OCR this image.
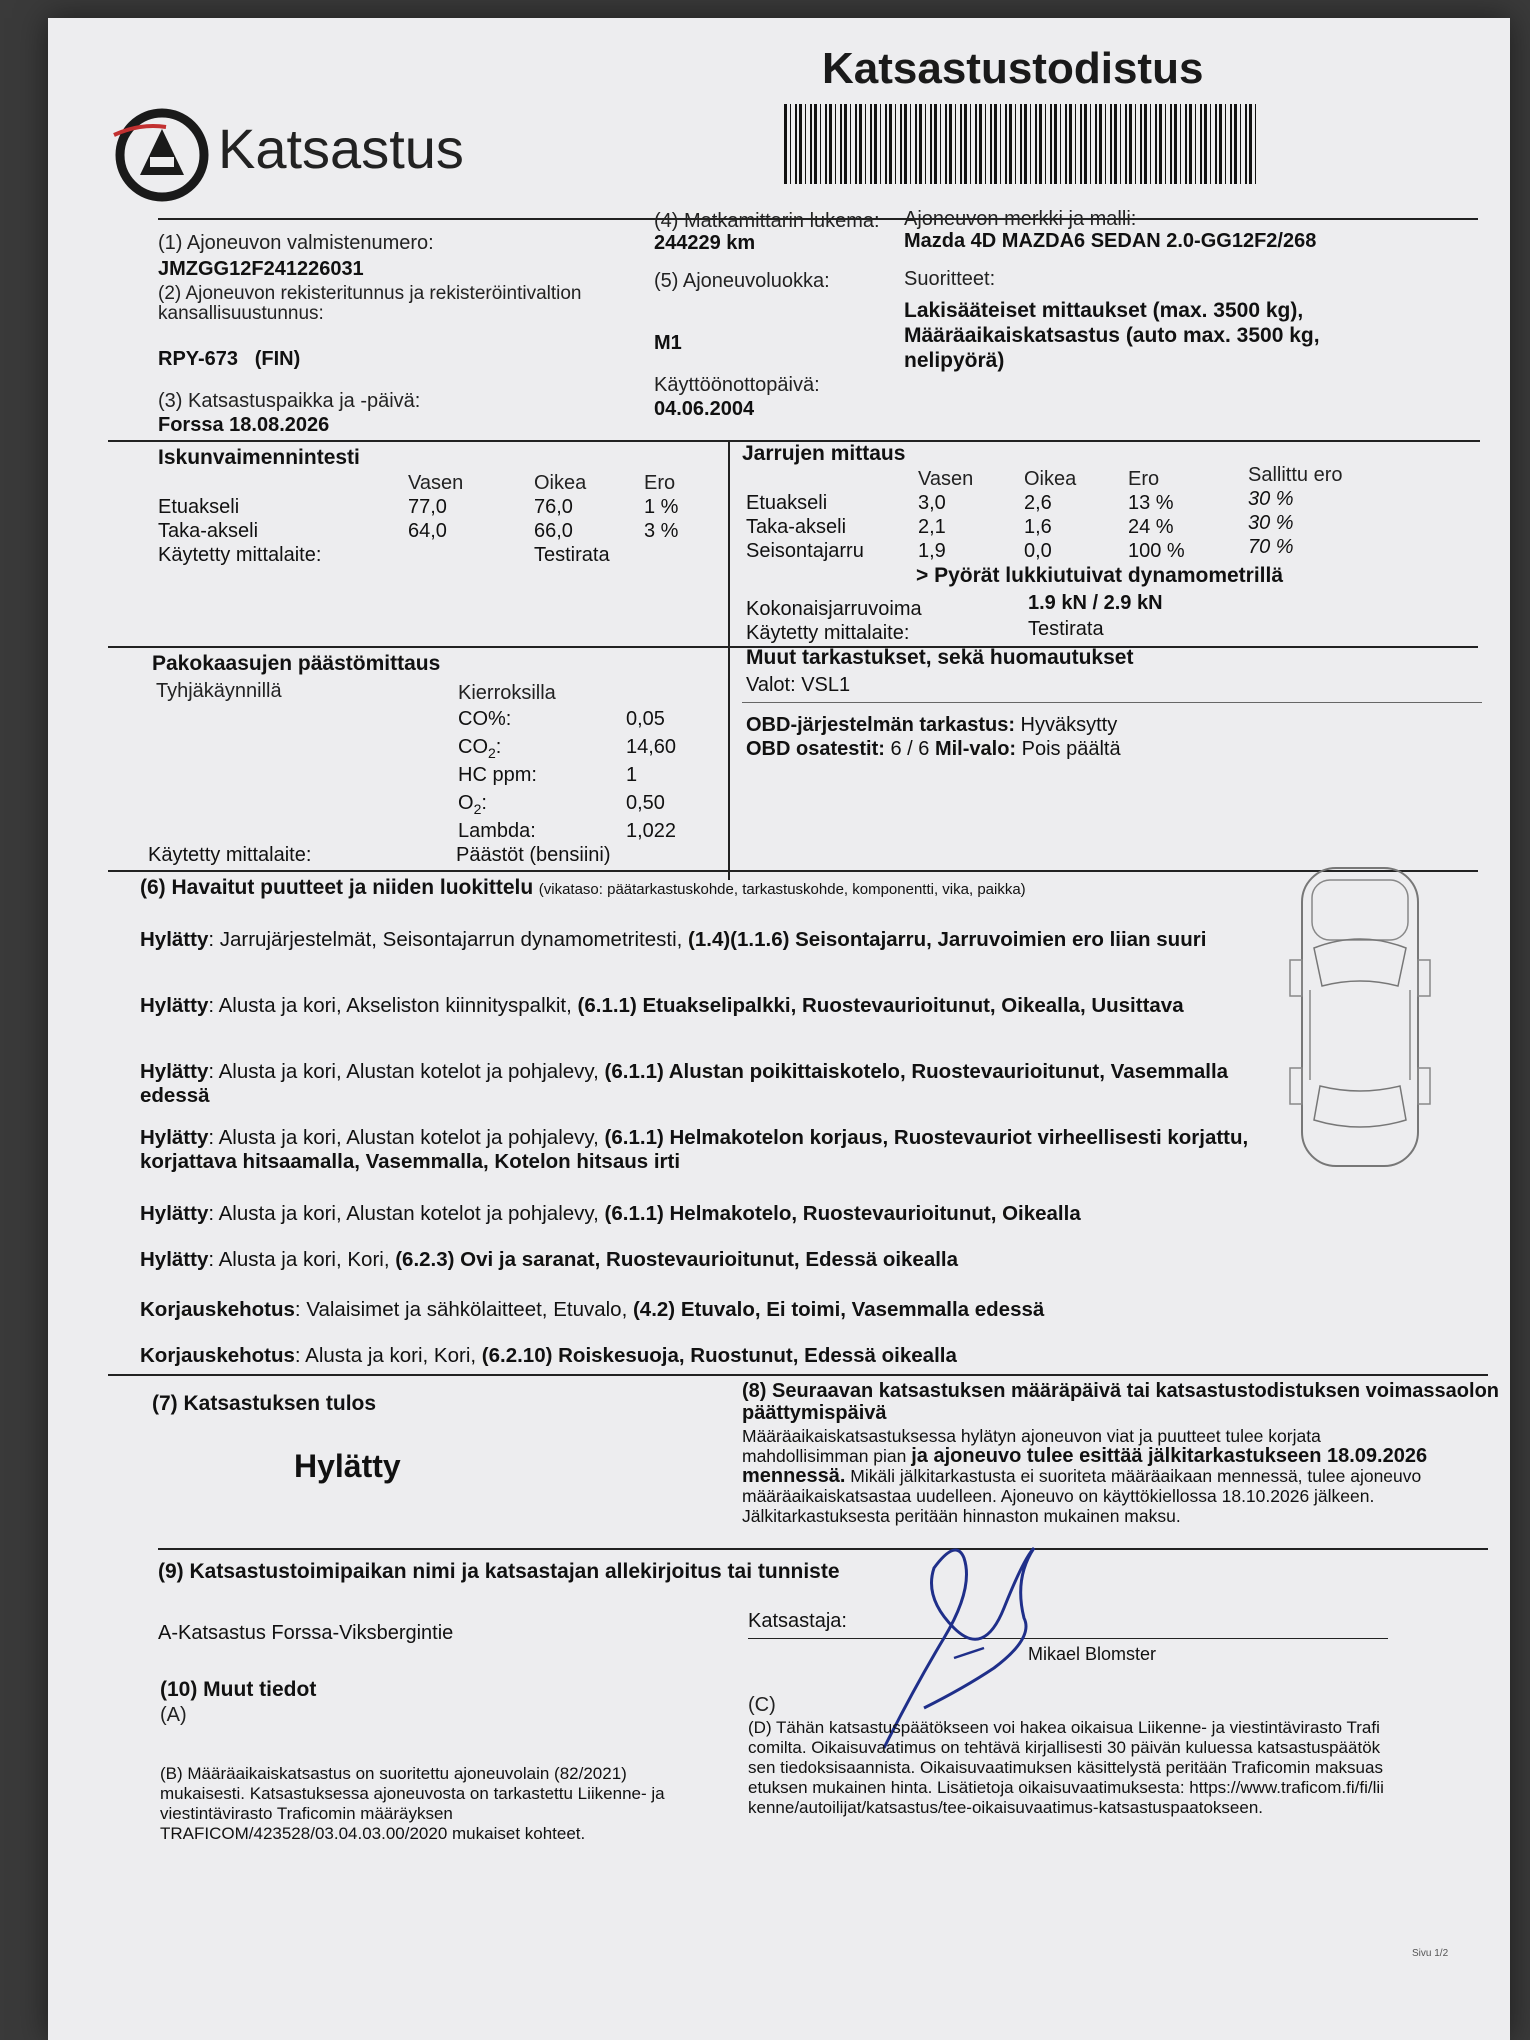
Katsastus
Katsastustodistus
(1) Ajoneuvon valmistenumero:
JMZGG12F241226031
(2) Ajoneuvon rekisteritunnus ja rekisteröintivaltion kansallisuustunnus:
RPY-673   (FIN)
(3) Katsastuspaikka ja -päivä:
Forssa 18.08.2026
(4) Matkamittarin lukema:
244229 km
(5) Ajoneuvoluokka:
M1
Käyttöönottopäivä:
04.06.2004
Ajoneuvon merkki ja malli:
Mazda 4D MAZDA6 SEDAN 2.0-GG12F2/268
Suoritteet:
Lakisääteiset mittaukset (max. 3500 kg), Määräaikaiskatsastus (auto max. 3500 kg, nelipyörä)
Iskunvaimennintesti
Vasen	Oikea	Ero
Etuakseli	77,0	76,0	1 %
Taka-akseli	64,0	66,0	3 %
Käytetty mittalaite:	Testirata
Jarrujen mittaus
Vasen	Oikea	Ero	Sallittu ero
Etuakseli	3,0	2,6	13 %	30 %
Taka-akseli	2,1	1,6	24 %	30 %
Seisontajarru	1,9	0,0	100 %	70 %
> Pyörät lukkiutuivat dynamometrillä
Kokonaisjarruvoima	1.9 kN / 2.9 kN
Käytetty mittalaite:	Testirata
Pakokaasujen päästömittaus
Tyhjäkäynnillä	Kierroksilla
CO%:	0,05
$CO_2$:	14,60
HC ppm:	1
$O_2$:	0,50
Lambda:	1,022
Käytetty mittalaite:	Päästöt (bensiini)
Muut tarkastukset, sekä huomautukset
Valot: VSL1
OBD-järjestelmän tarkastus: Hyväksytty
OBD osatestit: 6 / 6 Mil-valo: Pois päältä
(6) Havaitut puutteet ja niiden luokittelu (vikataso: päätarkastuskohde, tarkastuskohde, komponentti, vika, paikka)
Hylätty: Jarrujärjestelmät, Seisontajarrun dynamometritesti, (1.4)(1.1.6) Seisontajarru, Jarruvoimien ero liian suuri
Hylätty: Alusta ja kori, Akseliston kiinnityspalkit, (6.1.1) Etuakselipalkki, Ruostevaurioitunut, Oikealla, Uusittava
Hylätty: Alusta ja kori, Alustan kotelot ja pohjalevy, (6.1.1) Alustan poikittaiskotelo, Ruostevaurioitunut, Vasemmalla edessä
Hylätty: Alusta ja kori, Alustan kotelot ja pohjalevy, (6.1.1) Helmakotelon korjaus, Ruostevauriot virheellisesti korjattu, korjattava hitsaamalla, Vasemmalla, Kotelon hitsaus irti
Hylätty: Alusta ja kori, Alustan kotelot ja pohjalevy, (6.1.1) Helmakotelo, Ruostevaurioitunut, Oikealla
Hylätty: Alusta ja kori, Kori, (6.2.3) Ovi ja saranat, Ruostevaurioitunut, Edessä oikealla
Korjauskehotus: Valaisimet ja sähkölaitteet, Etuvalo, (4.2) Etuvalo, Ei toimi, Vasemmalla edessä
Korjauskehotus: Alusta ja kori, Kori, (6.2.10) Roiskesuoja, Ruostunut, Edessä oikealla
(7) Katsastuksen tulos
Hylätty
(8) Seuraavan katsastuksen määräpäivä tai katsastustodistuksen voimassaolon päättymispäivä
Määräaikaiskatsastuksessa hylätyn ajoneuvon viat ja puutteet tulee korjata mahdollisimman pian ja ajoneuvo tulee esittää jälkitarkastukseen 18.09.2026 mennessä. Mikäli jälkitarkastusta ei suoriteta määräaikaan mennessä, tulee ajoneuvo määräaikaiskatsastaa uudelleen. Ajoneuvo on käyttökiellossa 18.10.2026 jälkeen. Jälkitarkastuksesta peritään hinnaston mukainen maksu.
(9) Katsastustoimipaikan nimi ja katsastajan allekirjoitus tai tunniste
A-Katsastus Forssa-Viksbergintie
Katsastaja:
Mikael Blomster
(10) Muut tiedot
(A)
(B) Määräaikaiskatsastus on suoritettu ajoneuvolain (82/2021) mukaisesti. Katsastuksessa ajoneuvosta on tarkastettu Liikenne- ja viestintävirasto Traficomin määräyksen TRAFICOM/423528/03.04.03.00/2020 mukaiset kohteet.
(C)
(D) Tähän katsastuspäätökseen voi hakea oikaisua Liikenne- ja viestintävirasto Traficomilta. Oikaisuvaatimus on tehtävä kirjallisesti 30 päivän kuluessa katsastuspäätöksen tiedoksisaannista. Oikaisuvaatimuksen käsittelystä peritään Traficomin maksuasetuksen mukainen hinta. Lisätietoja oikaisuvaatimuksesta: https://www.traficom.fi/fi/liikenne/autoilijat/katsastus/tee-oikaisuvaatimus-katsastuspaatokseen.
Sivu 1/2
